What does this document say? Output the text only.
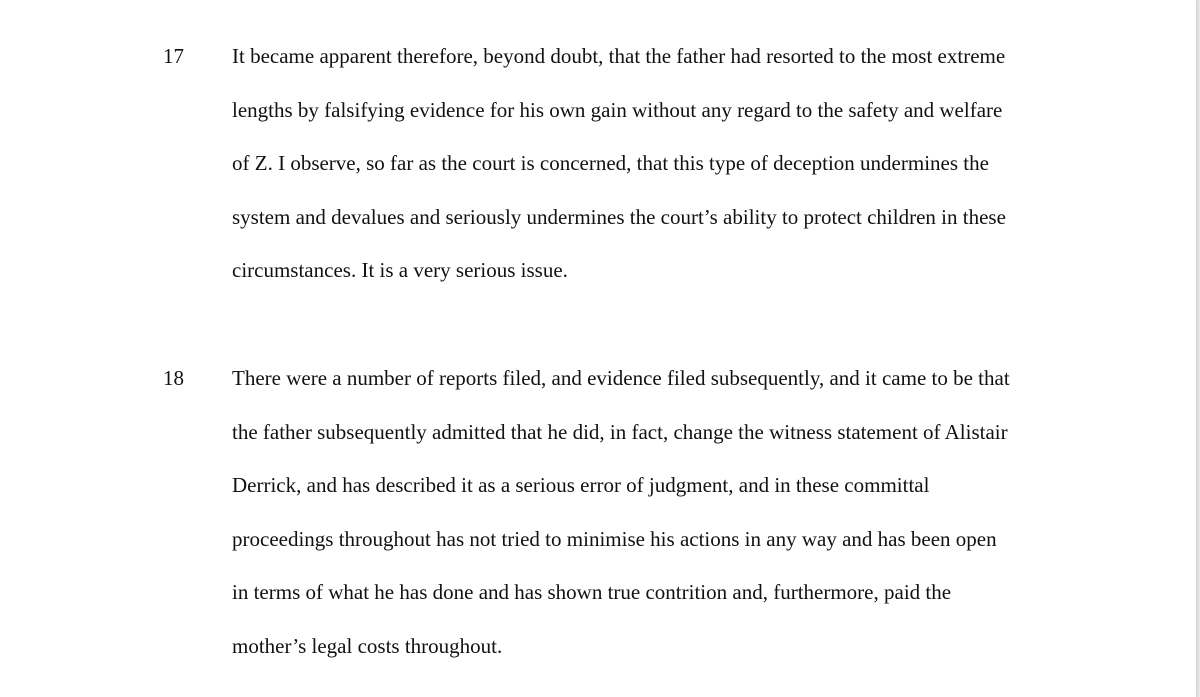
17 It became apparent therefore, beyond doubt, that the father had resorted to the most extreme
lengths by falsifying evidence for his own gain without any regard to the safety and welfare
of Z. I observe, so far as the court is concerned, that this type of deception undermines the
system and devalues and seriously undermines the court’s ability to protect children in these
circumstances. It is a very serious issue.
18 There were a number of reports filed, and evidence filed subsequently, and it came to be that
the father subsequently admitted that he did, in fact, change the witness statement of Alistair
Derrick, and has described it as a serious error of judgment, and in these committal
proceedings throughout has not tried to minimise his actions in any way and has been open
in terms of what he has done and has shown true contrition and, furthermore, paid the
mother’s legal costs throughout.
